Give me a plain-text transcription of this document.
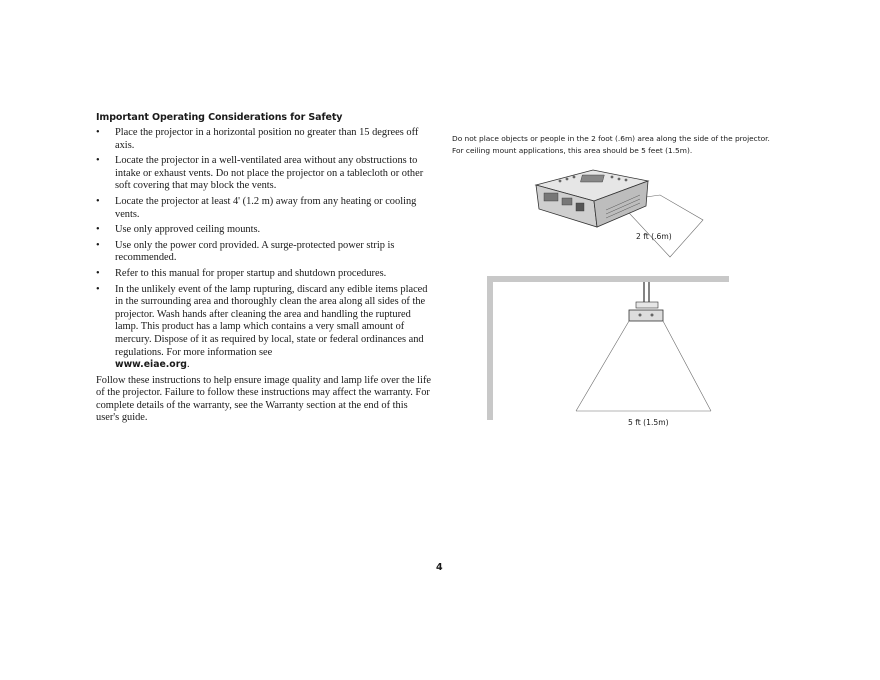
Important Operating Considerations for Safety
• Place the projector in a horizontal position no greater than 15 degrees off axis.
• Locate the projector in a well-ventilated area without any obstructions to intake or exhaust vents. Do not place the projector on a tablecloth or other soft covering that may block the vents.
• Locate the projector at least 4' (1.2 m) away from any heating or cooling vents.
• Use only approved ceiling mounts.
• Use only the power cord provided. A surge-protected power strip is recommended.
• Refer to this manual for proper startup and shutdown procedures.
• In the unlikely event of the lamp rupturing, discard any edible items placed in the surrounding area and thoroughly clean the area along all sides of the projector. Wash hands after cleaning the area and handling the ruptured lamp. This product has a lamp which contains a very small amount of mercury. Dispose of it as required by local, state or federal ordinances and regulations. For more information see
www.eiae.org.
Follow these instructions to help ensure image quality and lamp life over the life of the projector. Failure to follow these instructions may affect the warranty. For complete details of the warranty, see the Warranty section at the end of this user's guide.
Do not place objects or people in the 2 foot (.6m) area along the side of the projector.
For ceiling mount applications, this area should be 5 feet (1.5m).
2 ft (.6m)
5 ft (1.5m)
4
